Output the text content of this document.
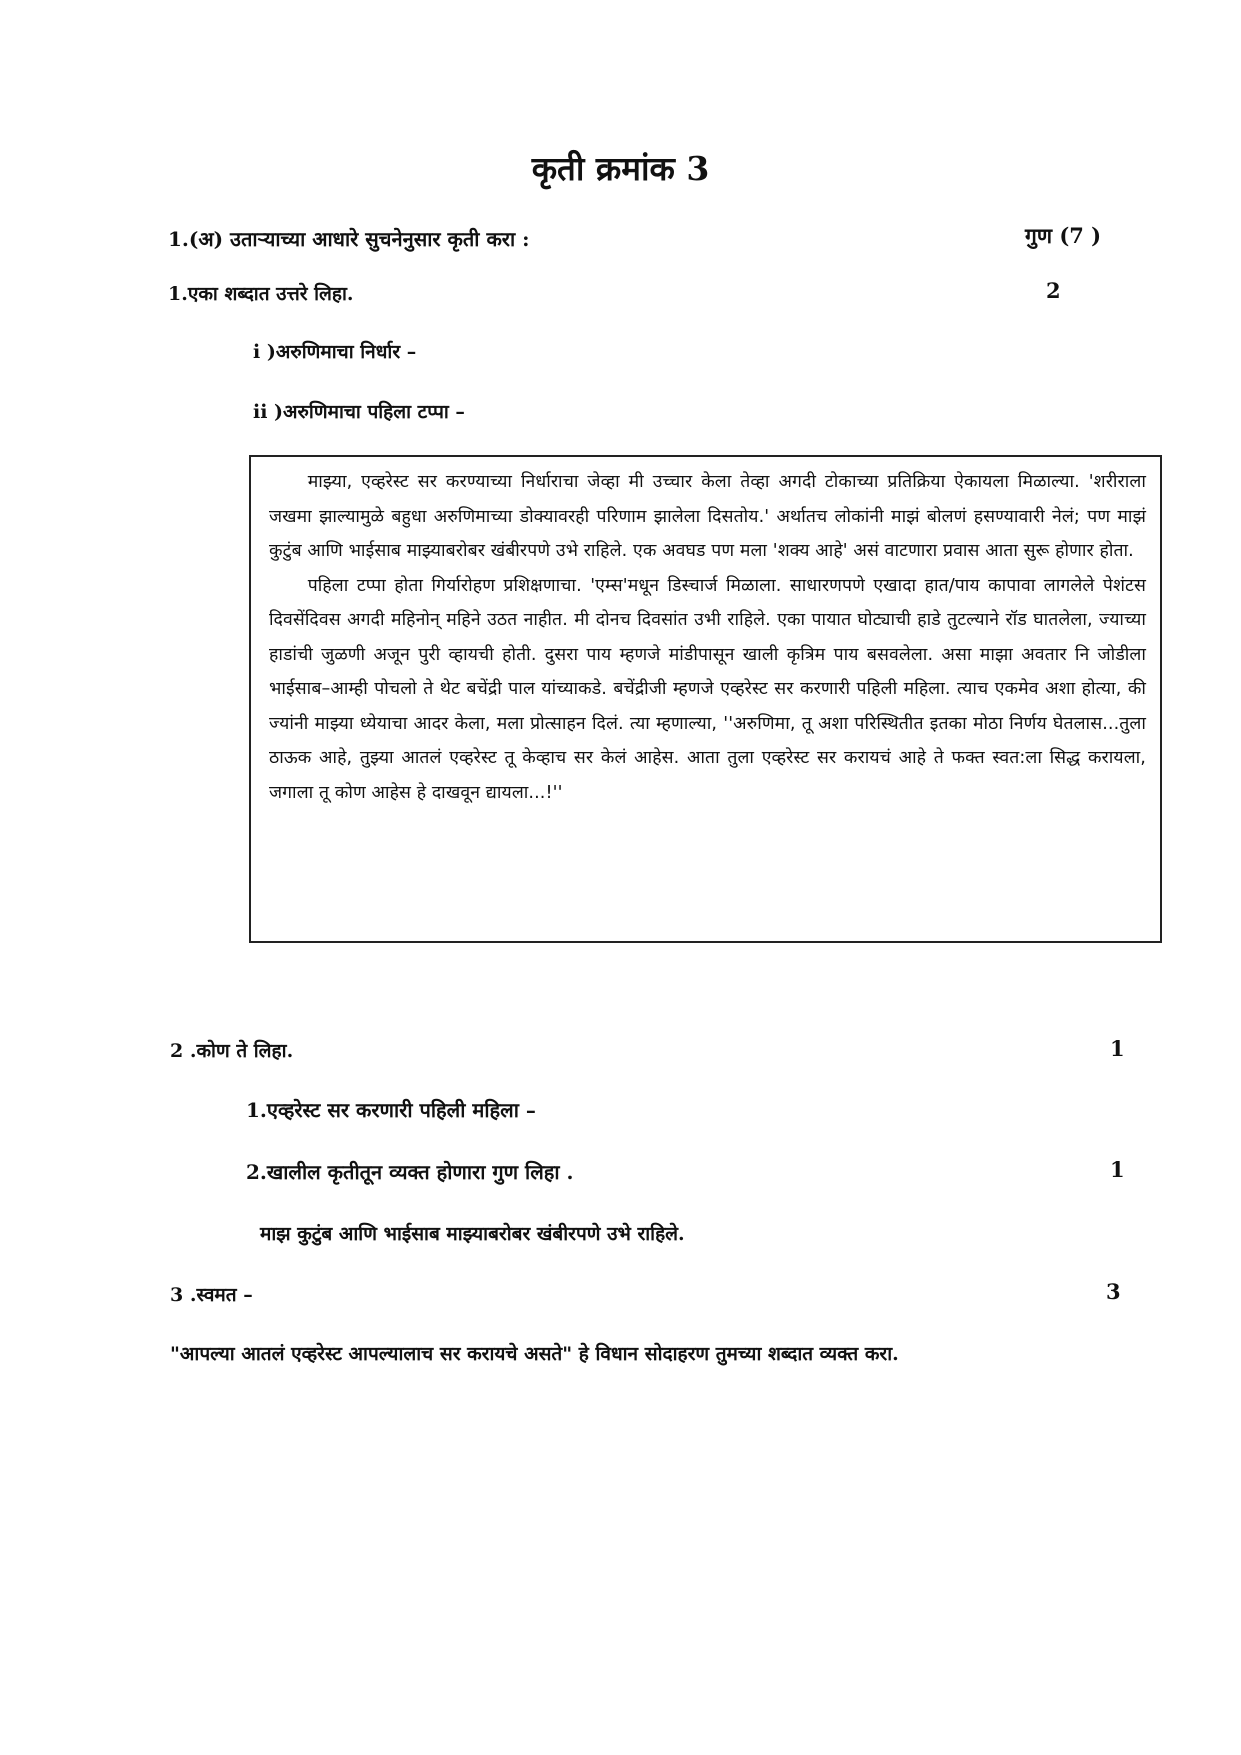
कृती क्रमांक 3
1.(अ) उताऱ्याच्या आधारे सुचनेनुसार कृती करा :	गुण (7 )
1.एका शब्दात उत्तरे लिहा.	2
i )अरुणिमाचा निर्धार –
ii )अरुणिमाचा पहिला टप्पा –

माझ्या, एव्हरेस्ट सर करण्याच्या निर्धाराचा जेव्हा मी उच्चार केला तेव्हा अगदी टोकाच्या प्रतिक्रिया ऐकायला मिळाल्या. 'शरीराला जखमा झाल्यामुळे बहुधा अरुणिमाच्या डोक्यावरही परिणाम झालेला दिसतोय.' अर्थातच लोकांनी माझं बोलणं हसण्यावारी नेलं; पण माझं कुटुंब आणि भाईसाब माझ्याबरोबर खंबीरपणे उभे राहिले. एक अवघड पण मला 'शक्य आहे' असं वाटणारा प्रवास आता सुरू होणार होता.

पहिला टप्पा होता गिर्यारोहण प्रशिक्षणाचा. 'एम्स'मधून डिस्चार्ज मिळाला. साधारणपणे एखादा हात/पाय कापावा लागलेले पेशंटस दिवसेंदिवस अगदी महिनोन् महिने उठत नाहीत. मी दोनच दिवसांत उभी राहिले. एका पायात घोट्याची हाडे तुटल्याने रॉड घातलेला, ज्याच्या हाडांची जुळणी अजून पुरी व्हायची होती. दुसरा पाय म्हणजे मांडीपासून खाली कृत्रिम पाय बसवलेला. असा माझा अवतार नि जोडीला भाईसाब–आम्ही पोचलो ते थेट बचेंद्री पाल यांच्याकडे. बचेंद्रीजी म्हणजे एव्हरेस्ट सर करणारी पहिली महिला. त्याच एकमेव अशा होत्या, की ज्यांनी माझ्या ध्येयाचा आदर केला, मला प्रोत्साहन दिलं. त्या म्हणाल्या, ''अरुणिमा, तू अशा परिस्थितीत इतका मोठा निर्णय घेतलास...तुला ठाऊक आहे, तुझ्या आतलं एव्हरेस्ट तू केव्हाच सर केलं आहेस. आता तुला एव्हरेस्ट सर करायचं आहे ते फक्त स्वत:ला सिद्ध करायला, जगाला तू कोण आहेस हे दाखवून द्यायला...!''

2 .कोण ते लिहा.	1
1.एव्हरेस्ट सर करणारी पहिली महिला –
2.खालील कृतीतून व्यक्त होणारा गुण लिहा .	1
माझ कुटुंब आणि भाईसाब माझ्याबरोबर खंबीरपणे उभे राहिले.
3 .स्वमत –	3
"आपल्या आतलं एव्हरेस्ट आपल्यालाच सर करायचे असते" हे विधान सोदाहरण तुमच्या शब्दात व्यक्त करा.
